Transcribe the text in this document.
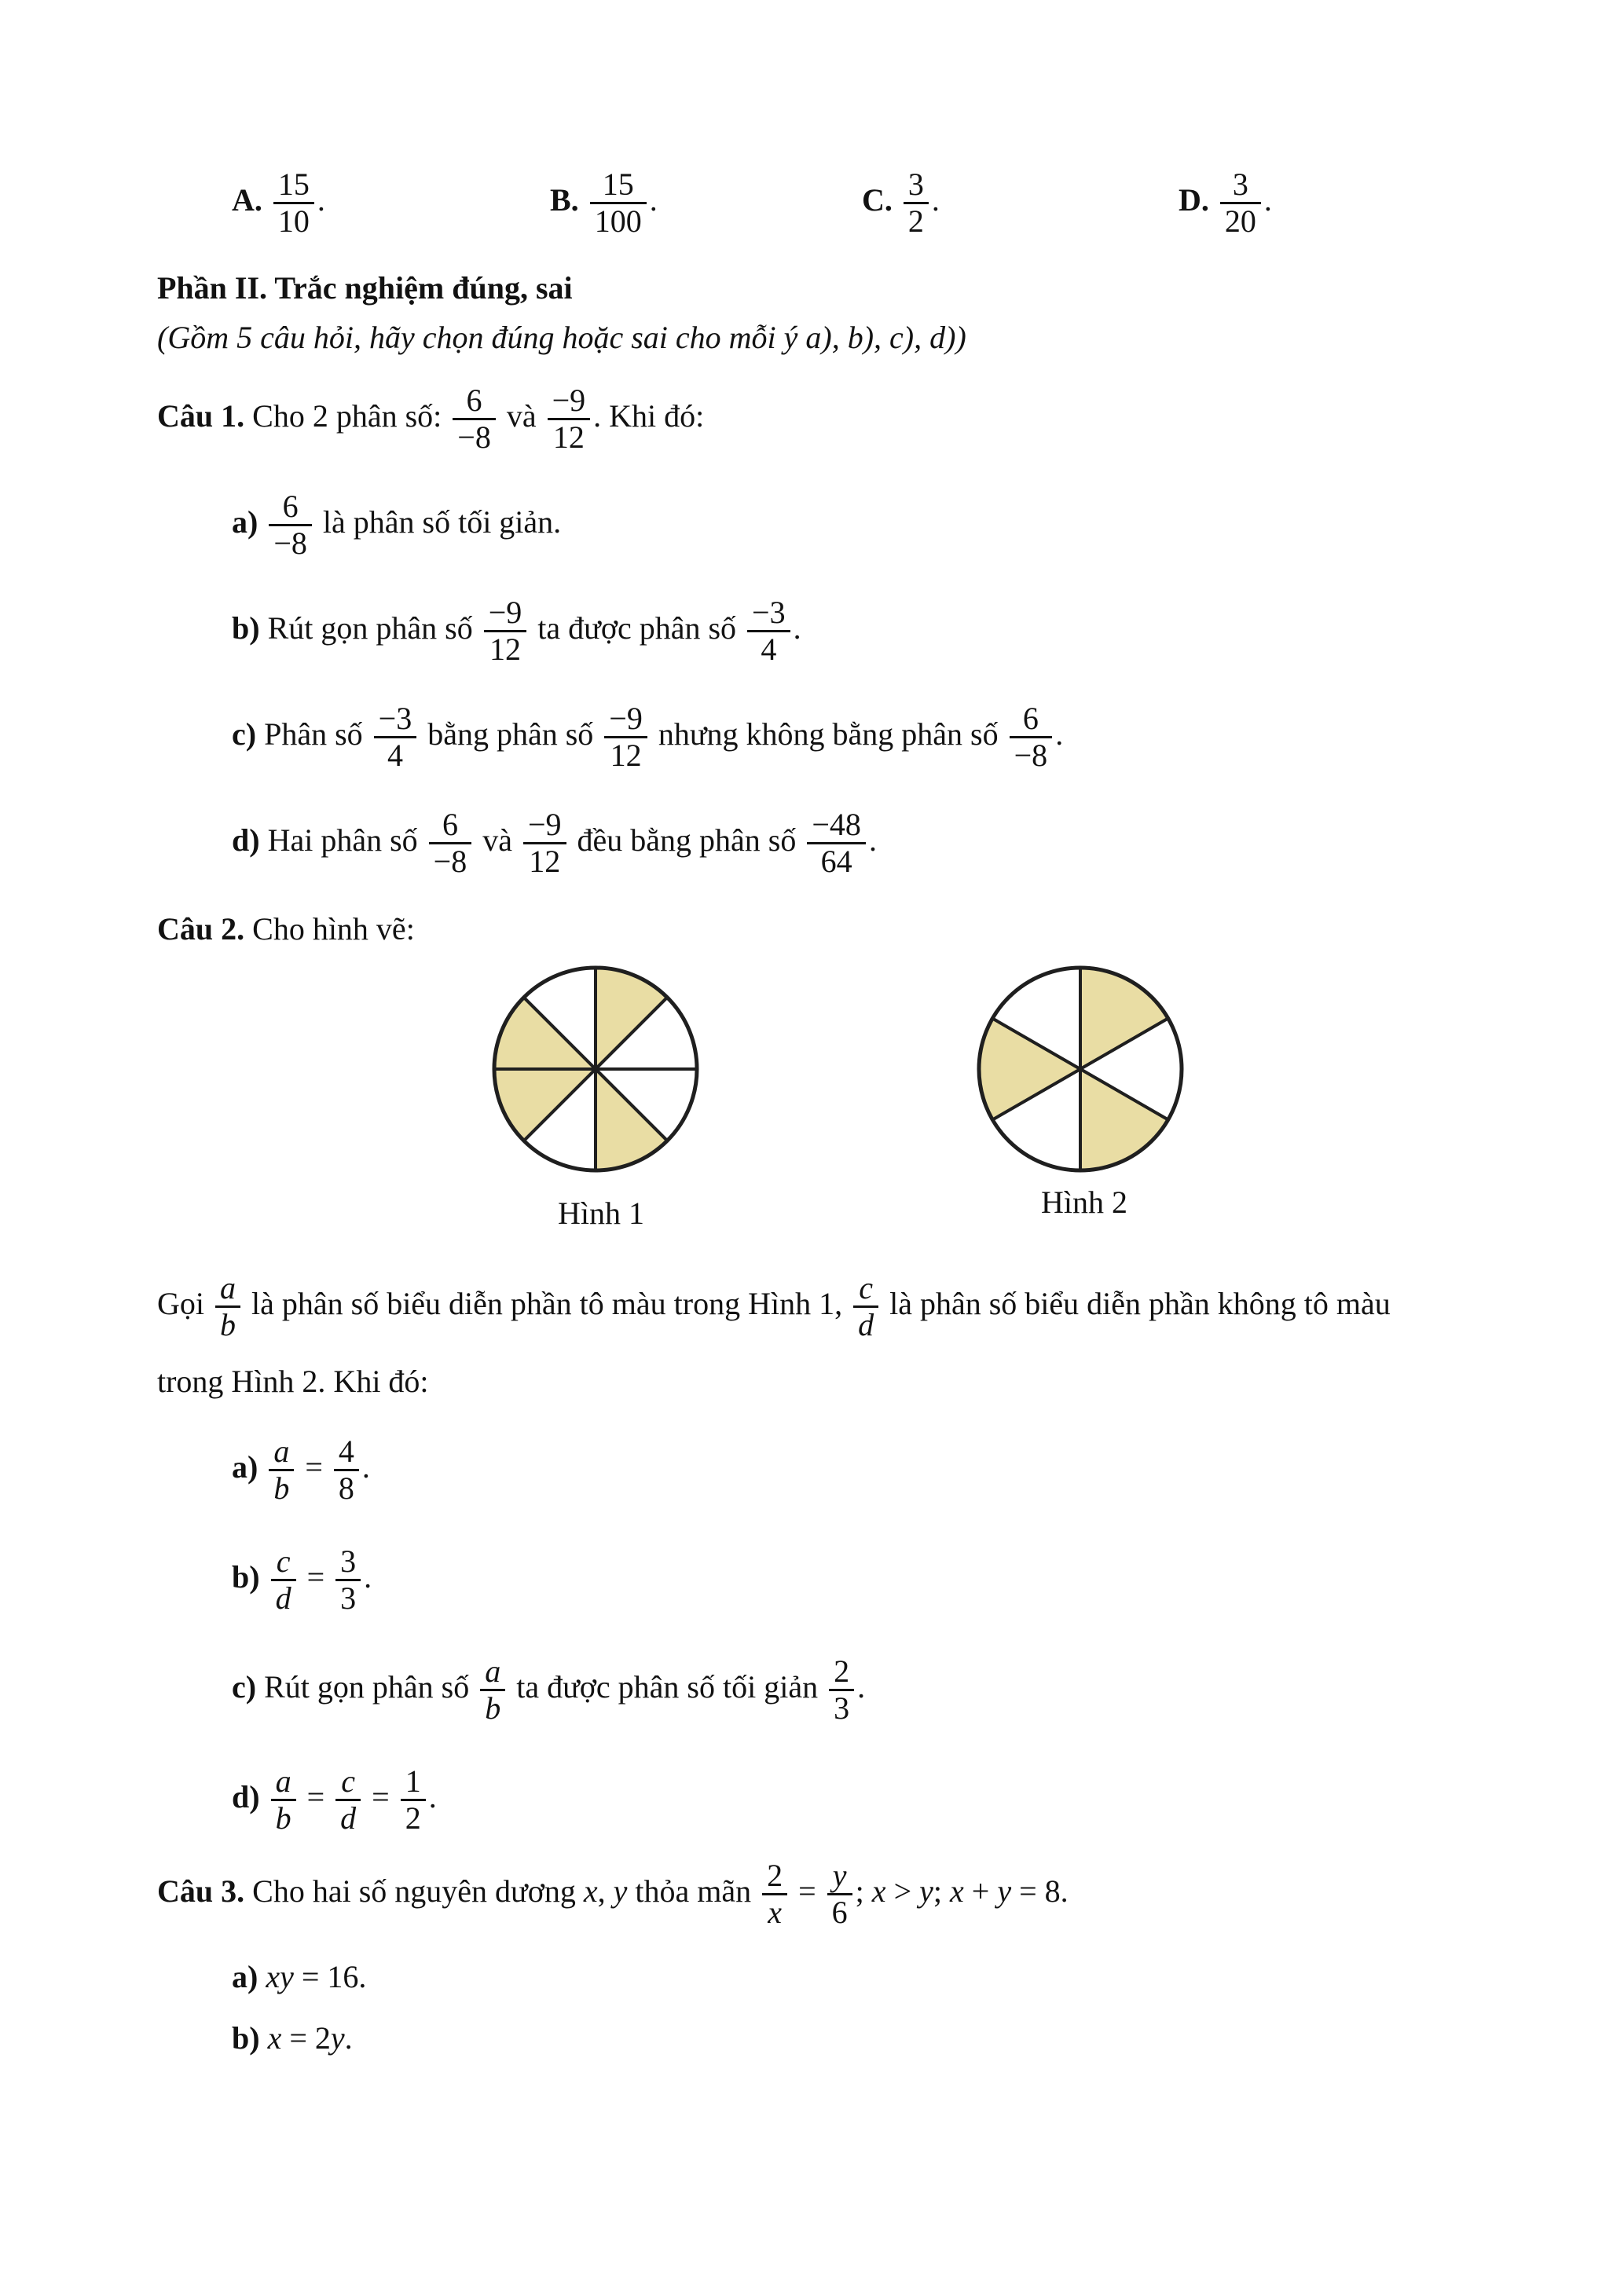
A. $\frac{15}{10}$ .	B. $\frac{15}{100}$ .	C. $\frac{3}{2}$ .	D. $\frac{3}{20}$ .
Phần II. Trắc nghiệm đúng, sai
(Gồm 5 câu hỏi, hãy chọn đúng hoặc sai cho mỗi ý a), b), c), d))
Câu 1. Cho 2 phân số: $\frac{6}{-8}$ và $\frac{-9}{12}$ . Khi đó:
$a) \frac{6}{-8}$ là phân số tối giản.
b) Rút gọn phân số $\frac{-9}{12}$ ta được phân số $\frac{-3}{4}$ .
c) Phân số $\frac{-3}{4}$ bằng phân số $\frac{-9}{12}$ nhưng không bằng phân số $\frac{6}{-8}$ .
d) Hai phân số $\frac{6}{-8}$ và $\frac{-9}{12}$ đều bằng phân số $\frac{-48}{64}$ .
Câu 2. Cho hình vẽ:
Hình 1	Hình 2
Gọi $\frac{a}{b}$ là phân số biểu diễn phần tô màu trong Hình 1, $\frac{c}{d}$ là phân số biểu diễn phần không tô màu
trong Hình 2. Khi đó:
$a) \frac{a}{b} = \frac{4}{8}$ .
$b) \frac{c}{d} = \frac{3}{3}$ .
c) Rút gọn phân số $\frac{a}{b}$ ta được phân số tối giản $\frac{2}{3}$ .
$d) \frac{a}{b} = \frac{c}{d} = \frac{1}{2}$ .
Câu 3. Cho hai số nguyên dương x, y thỏa mãn $\frac{2}{x} = \frac{y}{6}$ ; x > y; x + y = 8.
a) xy = 16.
b) x = 2y.
